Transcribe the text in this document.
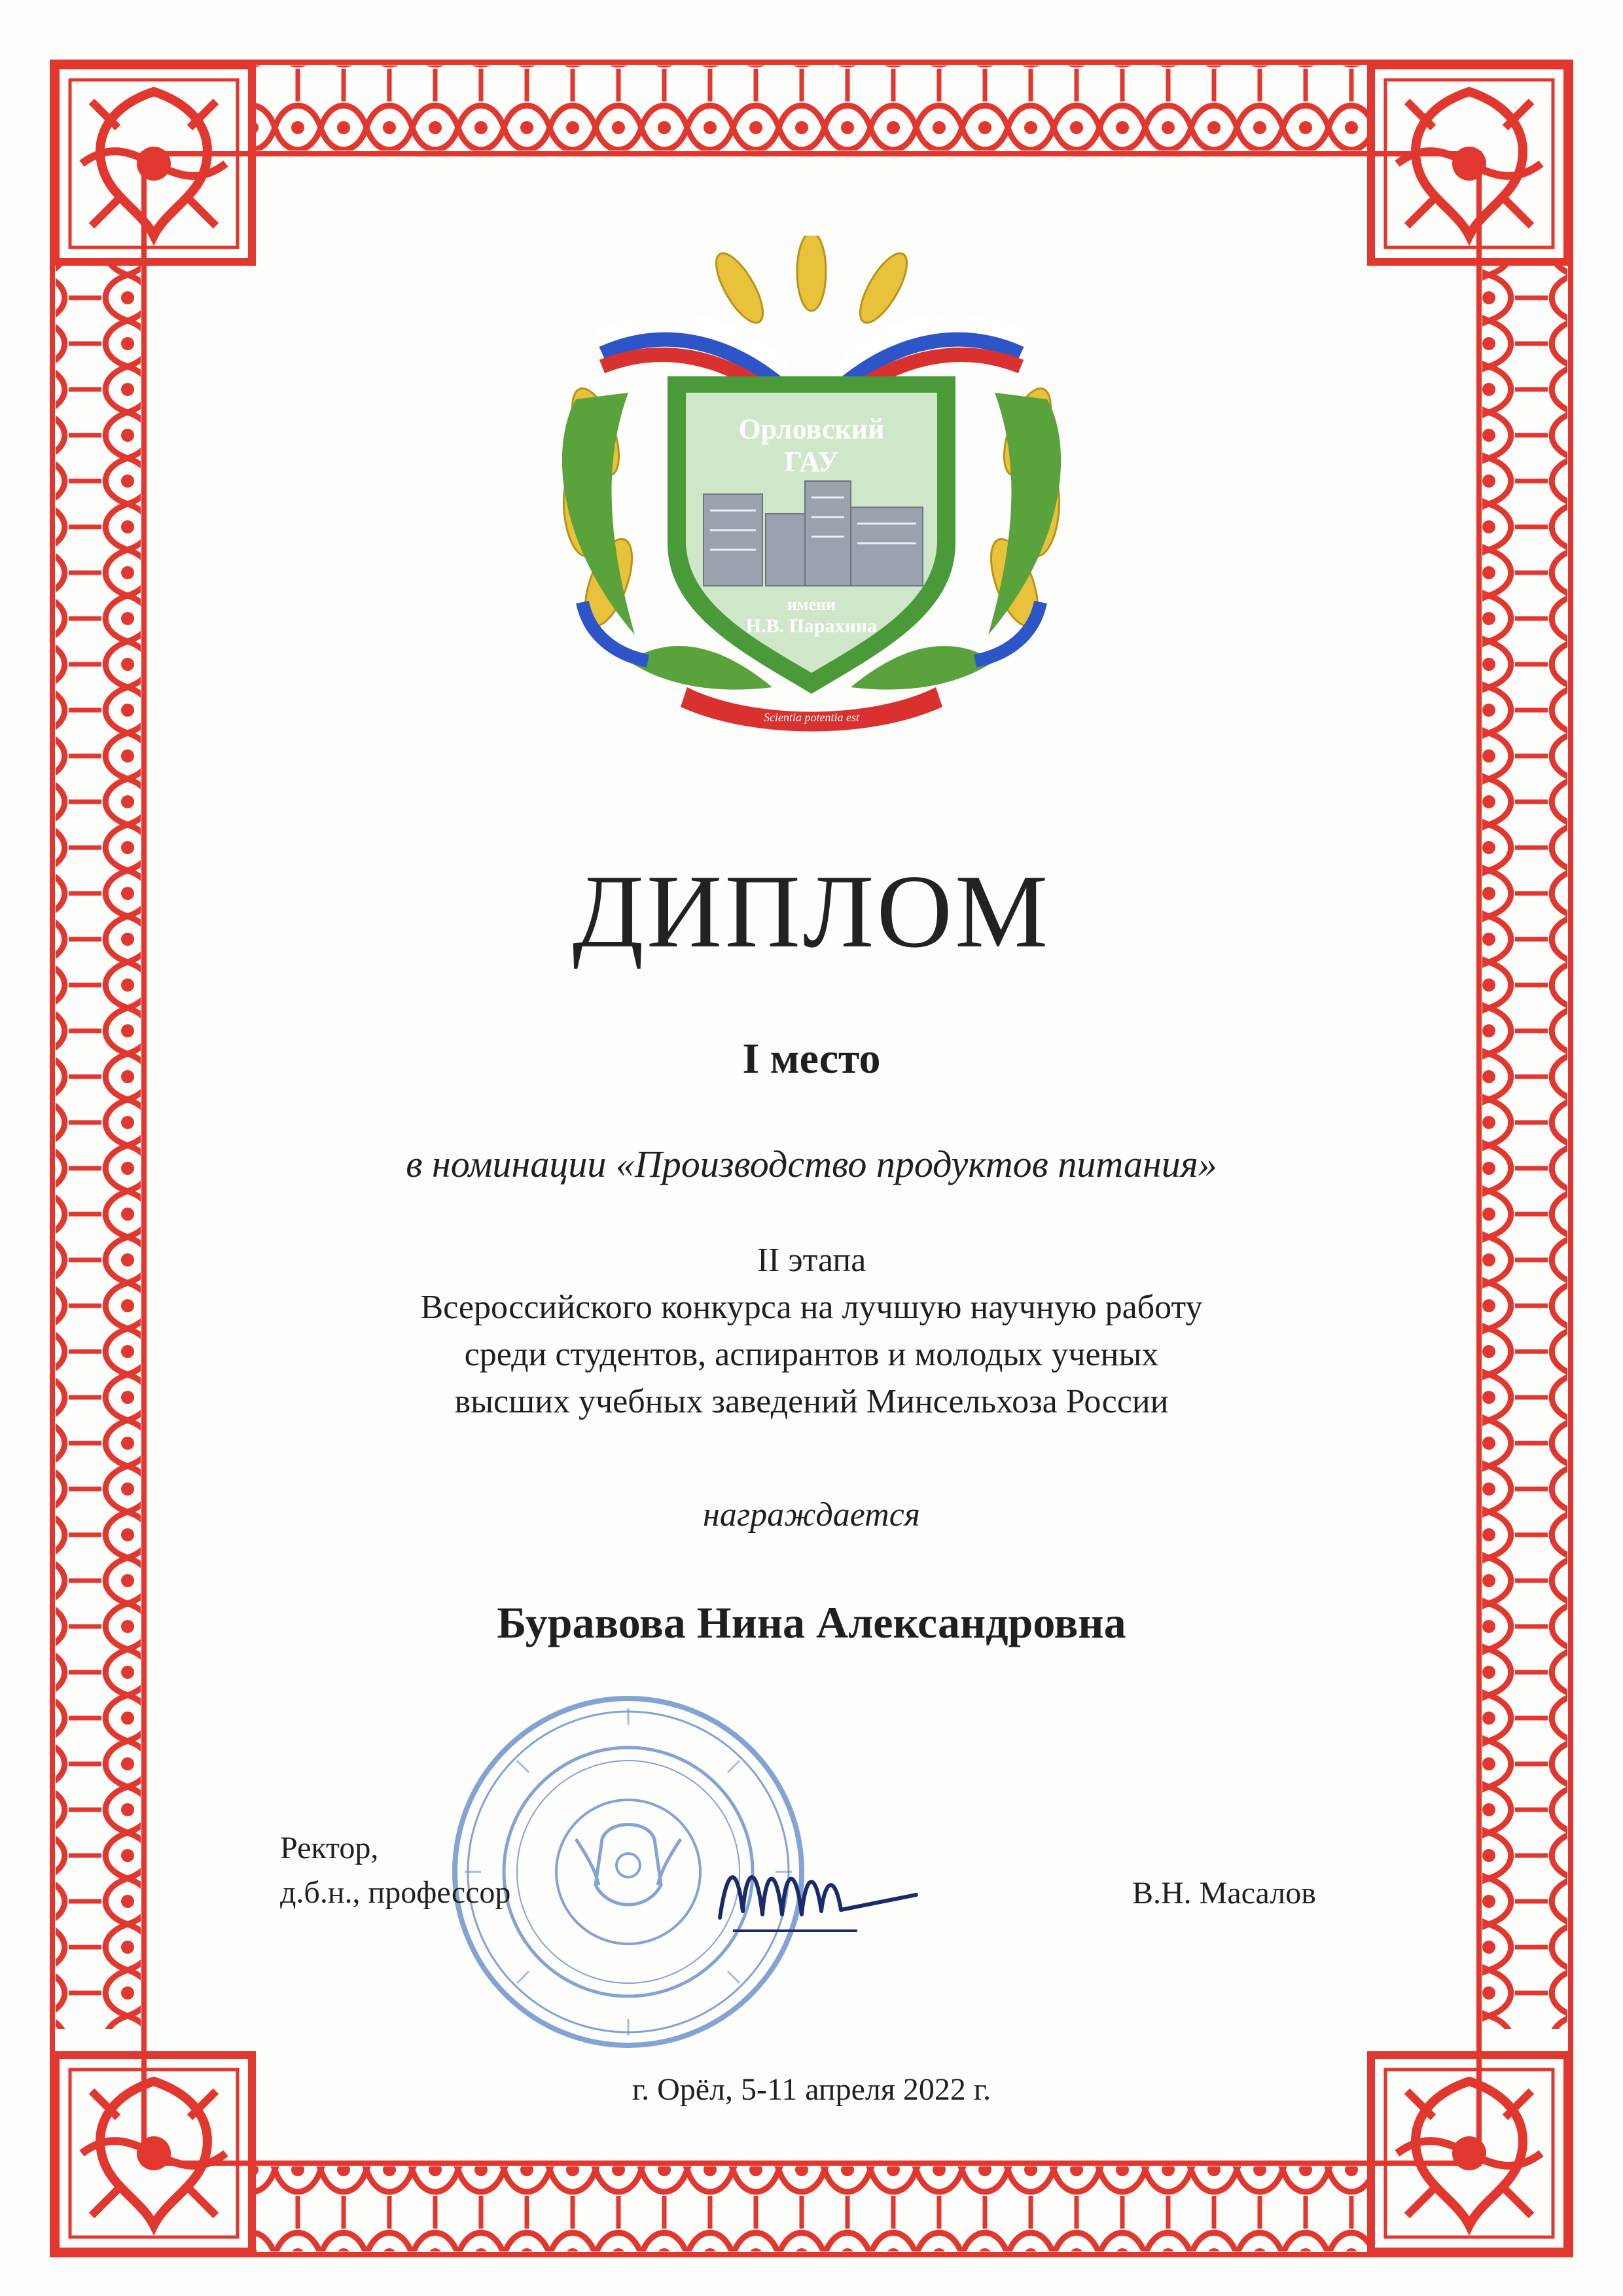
Орловский
ГАУ
имени
Н.В. Парахина
Scientia potentia est
ДИПЛОМ
I место
в номинации «Производство продуктов питания»
II этапа
Всероссийского конкурса на лучшую научную работу
среди студентов, аспирантов и молодых ученых
высших учебных заведений Минсельхоза России
награждается
Буравова Нина Александровна
Ректор,
д.б.н., профессор	В.Н. Масалов
г. Орёл, 5-11 апреля 2022 г.
